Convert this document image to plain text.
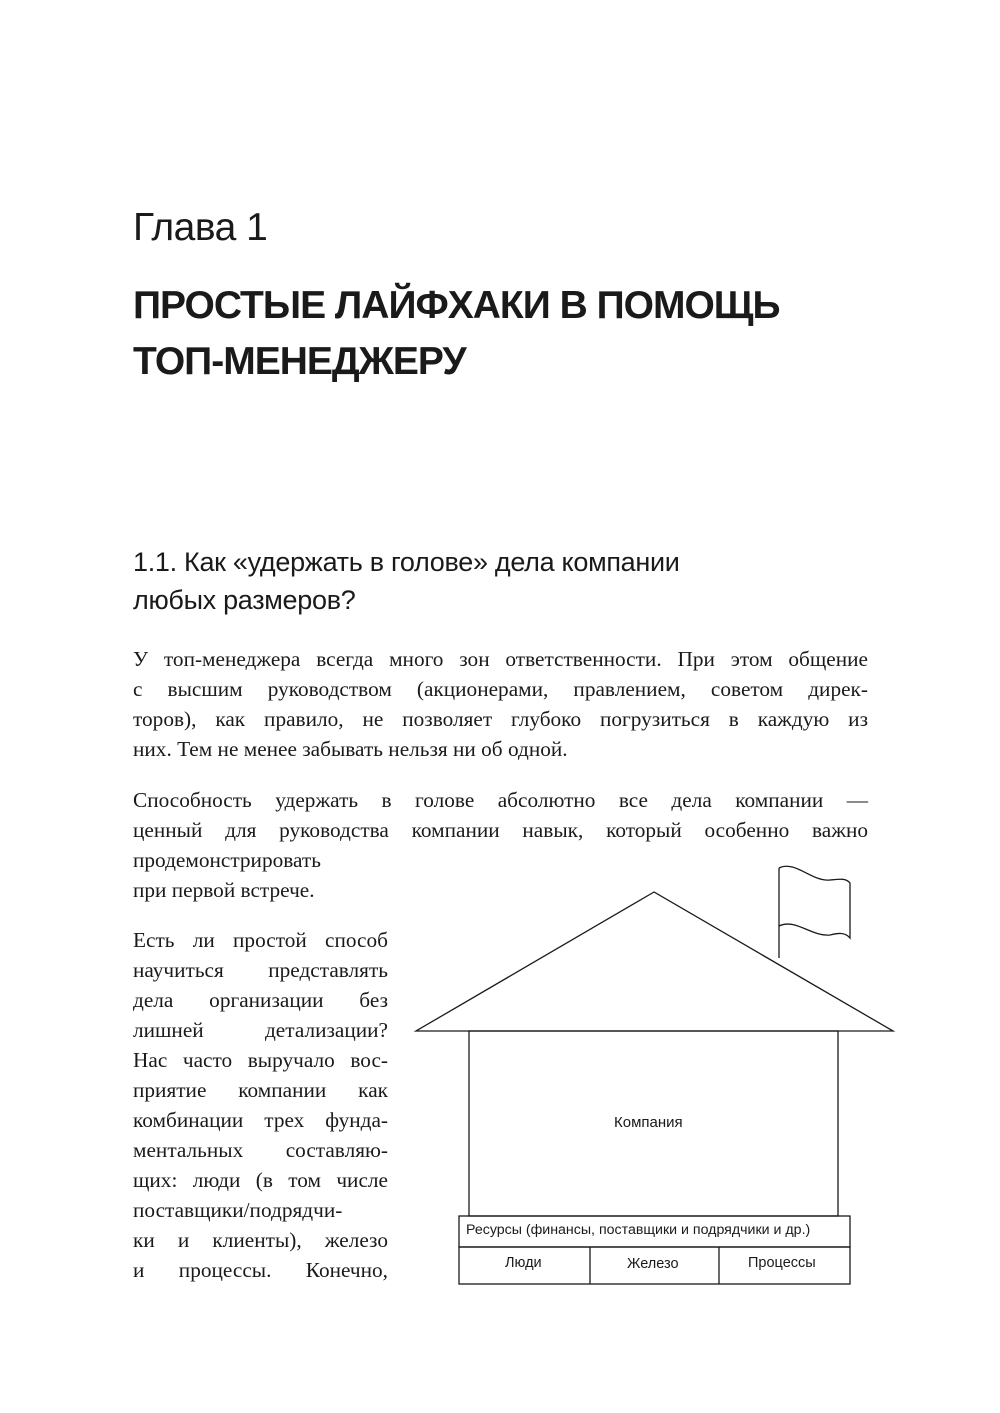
Глава 1
ПРОСТЫЕ ЛАЙФХАКИ В ПОМОЩЬ
ТОП-МЕНЕДЖЕРУ
1.1. Как «удержать в голове» дела компании
любых размеров?
У топ-менеджера всегда много зон ответственности. При этом общение
с высшим руководством (акционерами, правлением, советом дирек-
торов), как правило, не позволяет глубоко погрузиться в каждую из
них. Тем не менее забывать нельзя ни об одной.
Способность удержать в голове абсолютно все дела компании —
ценный для руководства компании навык, который особенно важно
продемонстрировать
при первой встрече.
Есть ли простой способ
научиться представлять
дела организации без
лишней детализации?
Нас часто выручало вос-
приятие компании как
комбинации трех фунда-
ментальных составляю-
щих: люди (в том числе
поставщики/подрядчи-
ки и клиенты), железо
и процессы. Конечно,
Компания
Ресурсы (финансы, поставщики и подрядчики и др.)
Люди	Железо	Процессы
